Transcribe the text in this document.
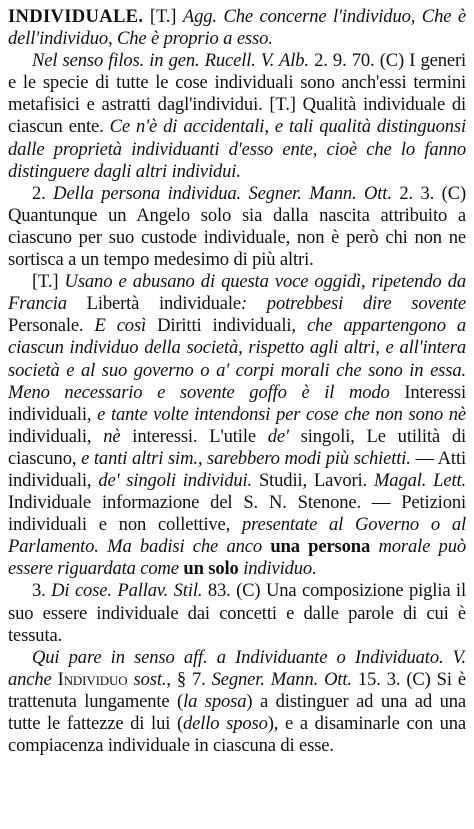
INDIVIDUALE. [T.] Agg. Che concerne l'individuo, Che è dell'individuo, Che è proprio a esso.

Nel senso filos. in gen. Rucell. V. Alb. 2. 9. 70. (C) I generi e le specie di tutte le cose individuali sono anch'essi termini metafisici e astratti dagl'individui. [T.] Qualità individuale di ciascun ente. Ce n'è di accidentali, e tali qualità distinguonsi dalle proprietà individuanti d'esso ente, cioè che lo fanno distinguere dagli altri individui.

2. Della persona individua. Segner. Mann. Ott. 2. 3. (C) Quantunque un Angelo solo sia dalla nascita attribuito a ciascuno per suo custode individuale, non è però chi non ne sortisca a un tempo medesimo di più altri.

[T.] Usano e abusano di questa voce oggidì, ripetendo da Francia Libertà individuale: potrebbesi dire sovente Personale. E così Diritti individuali, che appartengono a ciascun individuo della società, rispetto agli altri, e all'intera società e al suo governo o a' corpi morali che sono in essa. Meno necessario e sovente goffo è il modo Interessi individuali, e tante volte intendonsi per cose che non sono nè individuali, nè interessi. L'utile de' singoli, Le utilità di ciascuno, e tanti altri sim., sarebbero modi più schietti. — Atti individuali, de' singoli individui. Studii, Lavori. Magal. Lett. Individuale informazione del S. N. Stenone. — Petizioni individuali e non collettive, presentate al Governo o al Parlamento. Ma badisi che anco una persona morale può essere riguardata come un solo individuo.

3. Di cose. Pallav. Stil. 83. (C) Una composizione piglia il suo essere individuale dai concetti e dalle parole di cui è tessuta.

Qui pare in senso aff. a Individuante o Individuato. V. anche Individuo sost., § 7. Segner. Mann. Ott. 15. 3. (C) Si è trattenuta lungamente (la sposa) a distinguer ad una ad una tutte le fattezze di lui (dello sposo), e a disaminarle con una compiacenza individuale in ciascuna di esse.
